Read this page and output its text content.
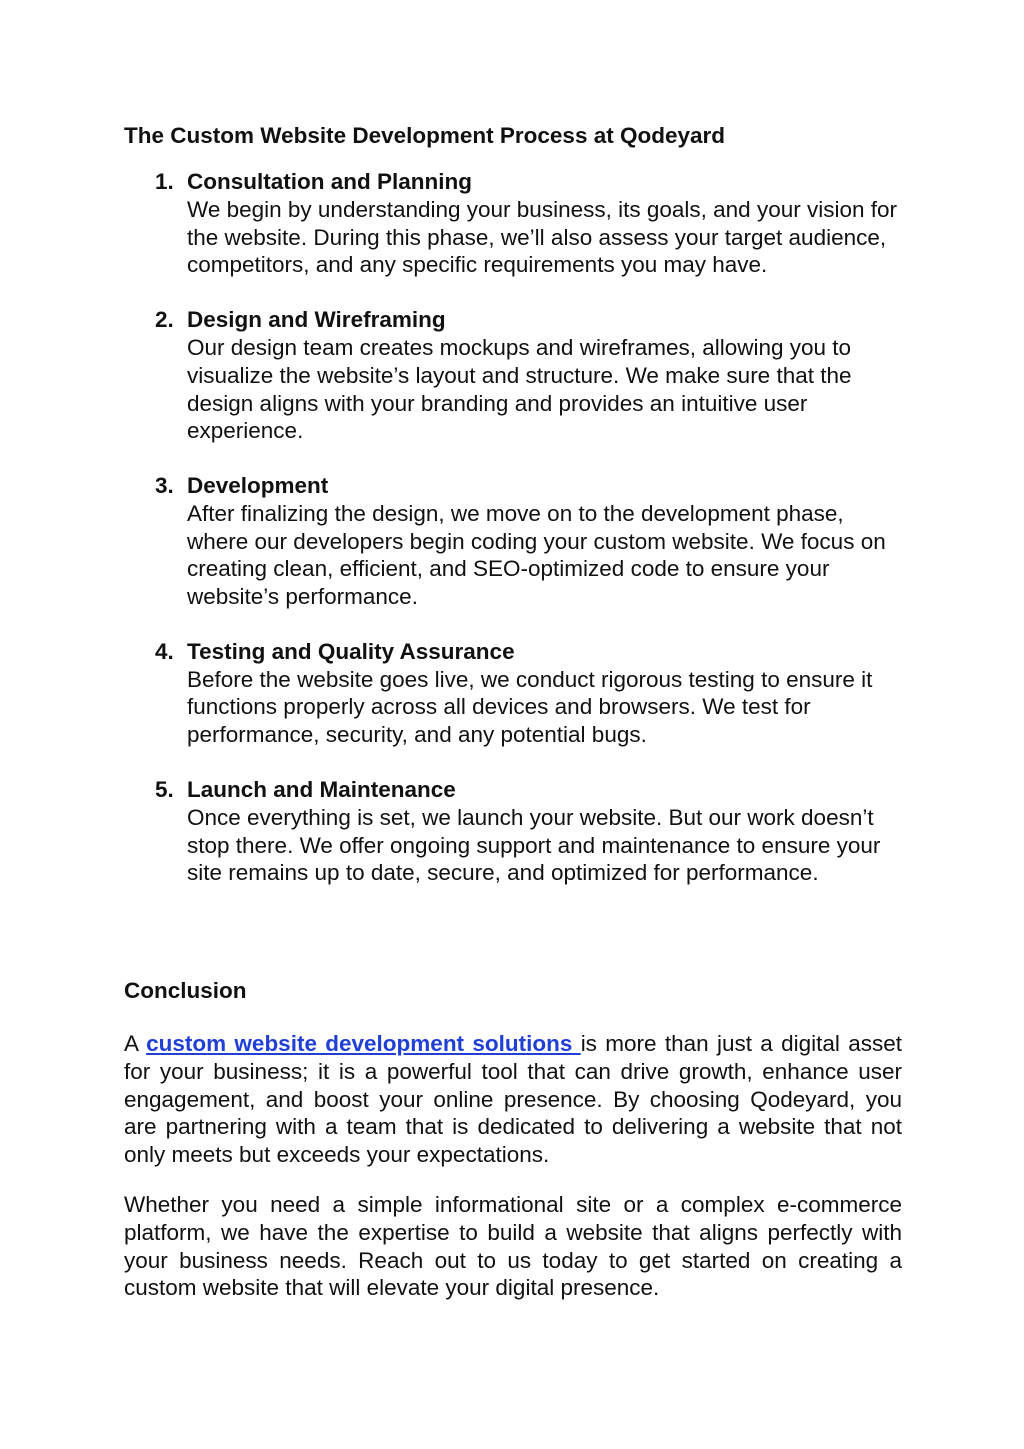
The Custom Website Development Process at Qodeyard
1. Consultation and Planning
We begin by understanding your business, its goals, and your vision for the website. During this phase, we’ll also assess your target audience, competitors, and any specific requirements you may have.
2. Design and Wireframing
Our design team creates mockups and wireframes, allowing you to visualize the website’s layout and structure. We make sure that the design aligns with your branding and provides an intuitive user experience.
3. Development
After finalizing the design, we move on to the development phase, where our developers begin coding your custom website. We focus on creating clean, efficient, and SEO-optimized code to ensure your website’s performance.
4. Testing and Quality Assurance
Before the website goes live, we conduct rigorous testing to ensure it functions properly across all devices and browsers. We test for performance, security, and any potential bugs.
5. Launch and Maintenance
Once everything is set, we launch your website. But our work doesn’t stop there. We offer ongoing support and maintenance to ensure your site remains up to date, secure, and optimized for performance.
Conclusion

A custom website development solutions is more than just a digital asset for your business; it is a powerful tool that can drive growth, enhance user engagement, and boost your online presence. By choosing Qodeyard, you are partnering with a team that is dedicated to delivering a website that not only meets but exceeds your expectations.

Whether you need a simple informational site or a complex e-commerce platform, we have the expertise to build a website that aligns perfectly with your business needs. Reach out to us today to get started on creating a custom website that will elevate your digital presence.
